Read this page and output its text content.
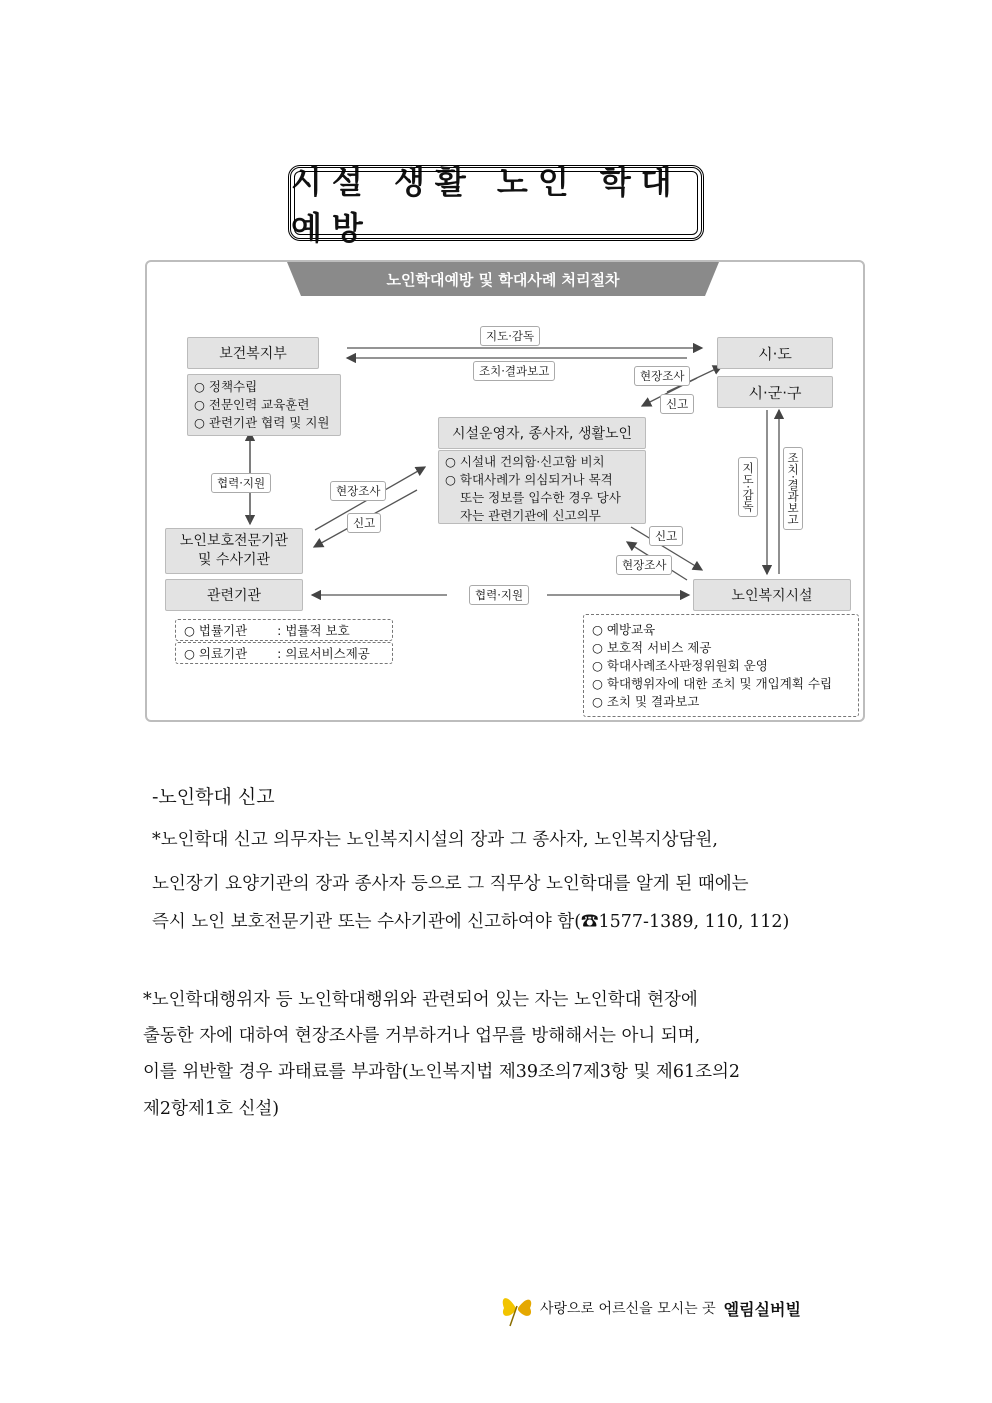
시설 생활 노인 학대예방
노인학대예방 및 학대사례 처리절차
보건복지부
○ 정책수립
○ 전문인력 교육훈련
○ 관련기관 협력 및 지원
시·도
시·군·구
시설운영자, 종사자, 생활노인
○ 시설내 건의함·신고함 비치
○ 학대사례가 의심되거나 목격
또는 정보를 입수한 경우 당사
자는 관련기관에 신고의무
노인보호전문기관 및 수사기관
관련기관
○ 법률기관 : 법률적 보호
○ 의료기관 : 의료서비스제공
노인복지시설
○ 예방교육
○ 보호적 서비스 제공
○ 학대사례조사판정위원회 운영
○ 학대행위자에 대한 조치 및 개입계획 수립
○ 조치 및 결과보고
지도·감독
조치·결과보고	현장조사
신고
협력·지원
현장조사
신고
신고
현장조사
지도·감독	조치·결과보고
협력·지원
-노인학대 신고
*노인학대 신고 의무자는 노인복지시설의 장과 그 종사자, 노인복지상담원,
노인장기 요양기관의 장과 종사자 등으로 그 직무상 노인학대를 알게 된 때에는
즉시 노인 보호전문기관 또는 수사기관에 신고하여야 함(☎1577-1389, 110, 112)
*노인학대행위자 등 노인학대행위와 관련되어 있는 자는 노인학대 현장에
출동한 자에 대하여 현장조사를 거부하거나 업무를 방해해서는 아니 되며,
이를 위반할 경우 과태료를 부과함(노인복지법 제39조의7제3항 및 제61조의2
제2항제1호 신설)
사랑으로 어르신을 모시는 곳 엘림실버빌
